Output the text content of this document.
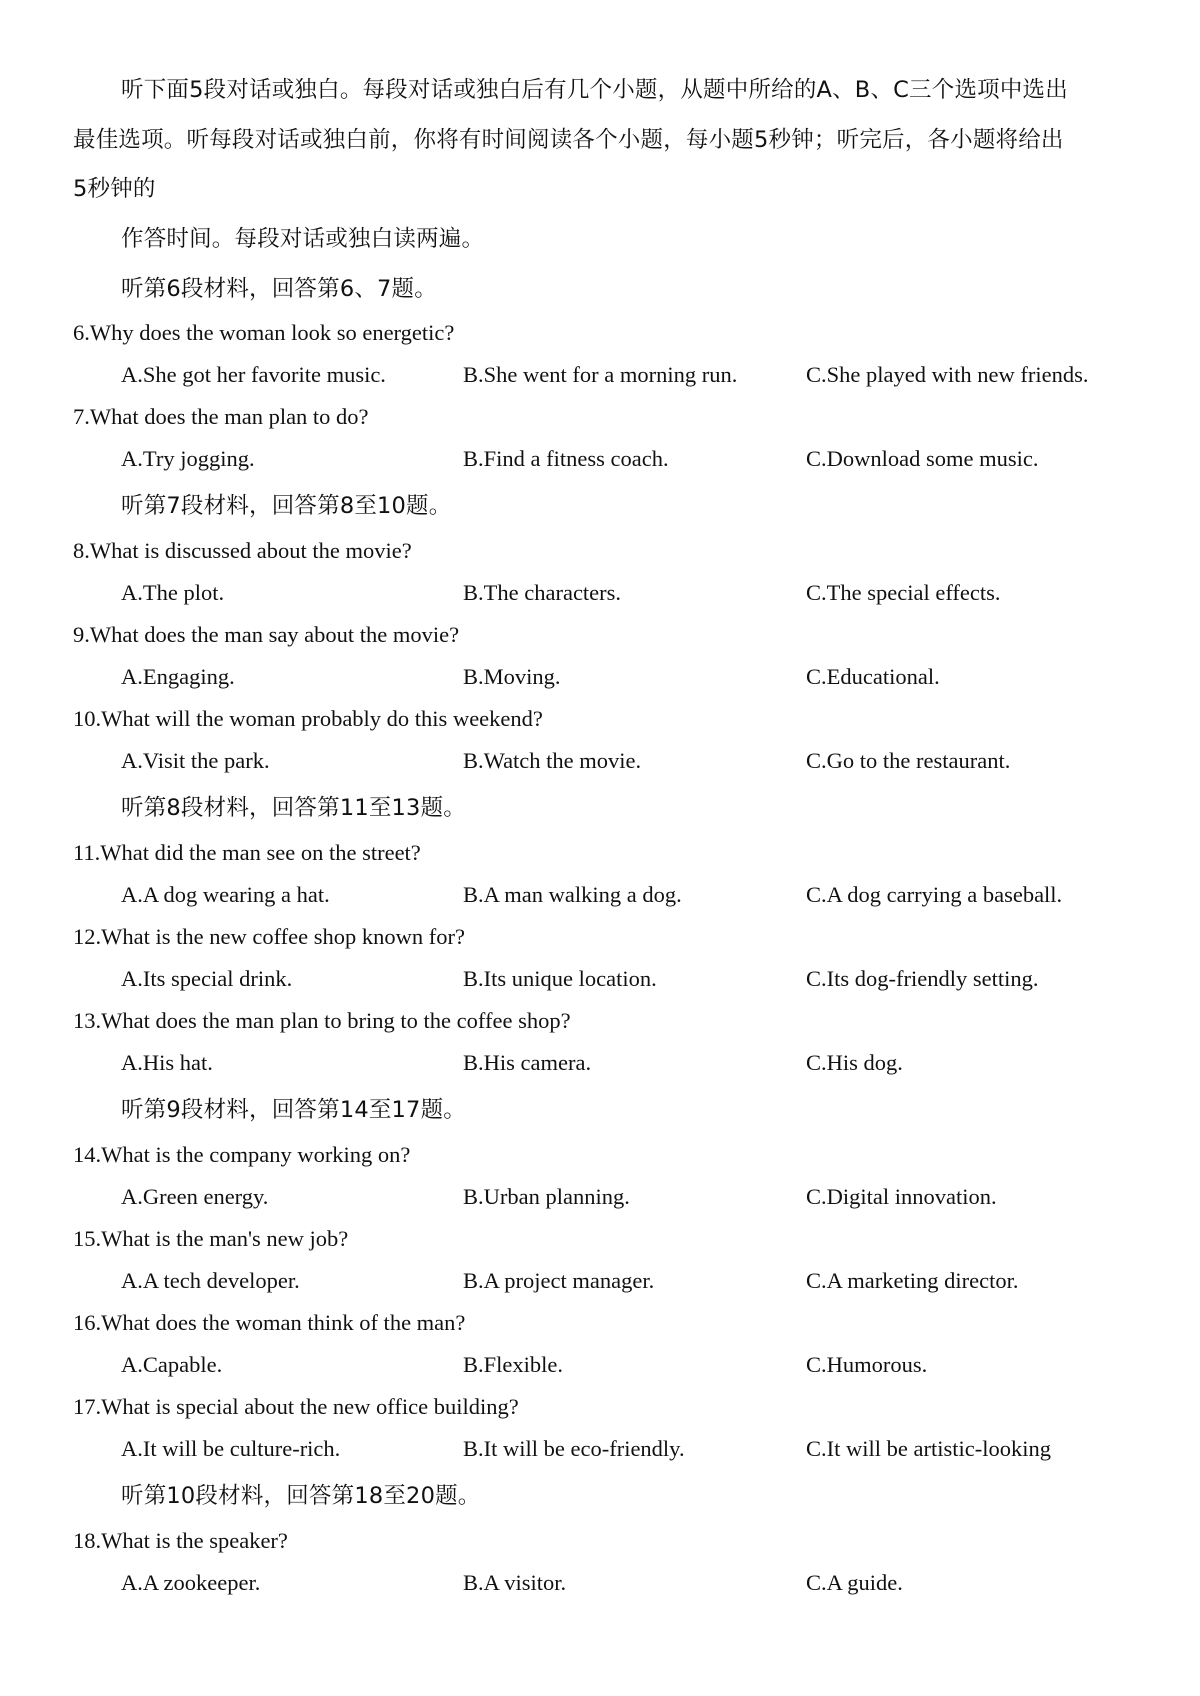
听下面5段对话或独白。每段对话或独白后有几个小题，从题中所给的A、B、C三个选项中选出
最佳选项。听每段对话或独白前，你将有时间阅读各个小题，每小题5秒钟；听完后，各小题将给出
5秒钟的
作答时间。每段对话或独白读两遍。
听第6段材料，回答第6、7题。
6.Why does the woman look so energetic?
A.She got her favorite music.	B.She went for a morning run.	C.She played with new friends.
7.What does the man plan to do?
A.Try jogging.	B.Find a fitness coach.	C.Download some music.
听第7段材料，回答第8至10题。
8.What is discussed about the movie?
A.The plot.	B.The characters.	C.The special effects.
9.What does the man say about the movie?
A.Engaging.	B.Moving.	C.Educational.
10.What will the woman probably do this weekend?
A.Visit the park.	B.Watch the movie.	C.Go to the restaurant.
听第8段材料，回答第11至13题。
11.What did the man see on the street?
A.A dog wearing a hat.	B.A man walking a dog.	C.A dog carrying a baseball.
12.What is the new coffee shop known for?
A.Its special drink.	B.Its unique location.	C.Its dog-friendly setting.
13.What does the man plan to bring to the coffee shop?
A.His hat.	B.His camera.	C.His dog.
听第9段材料，回答第14至17题。
14.What is the company working on?
A.Green energy.	B.Urban planning.	C.Digital innovation.
15.What is the man's new job?
A.A tech developer.	B.A project manager.	C.A marketing director.
16.What does the woman think of the man?
A.Capable.	B.Flexible.	C.Humorous.
17.What is special about the new office building?
A.It will be culture-rich.	B.It will be eco-friendly.	C.It will be artistic-looking
听第10段材料，回答第18至20题。
18.What is the speaker?
A.A zookeeper.	B.A visitor.	C.A guide.
